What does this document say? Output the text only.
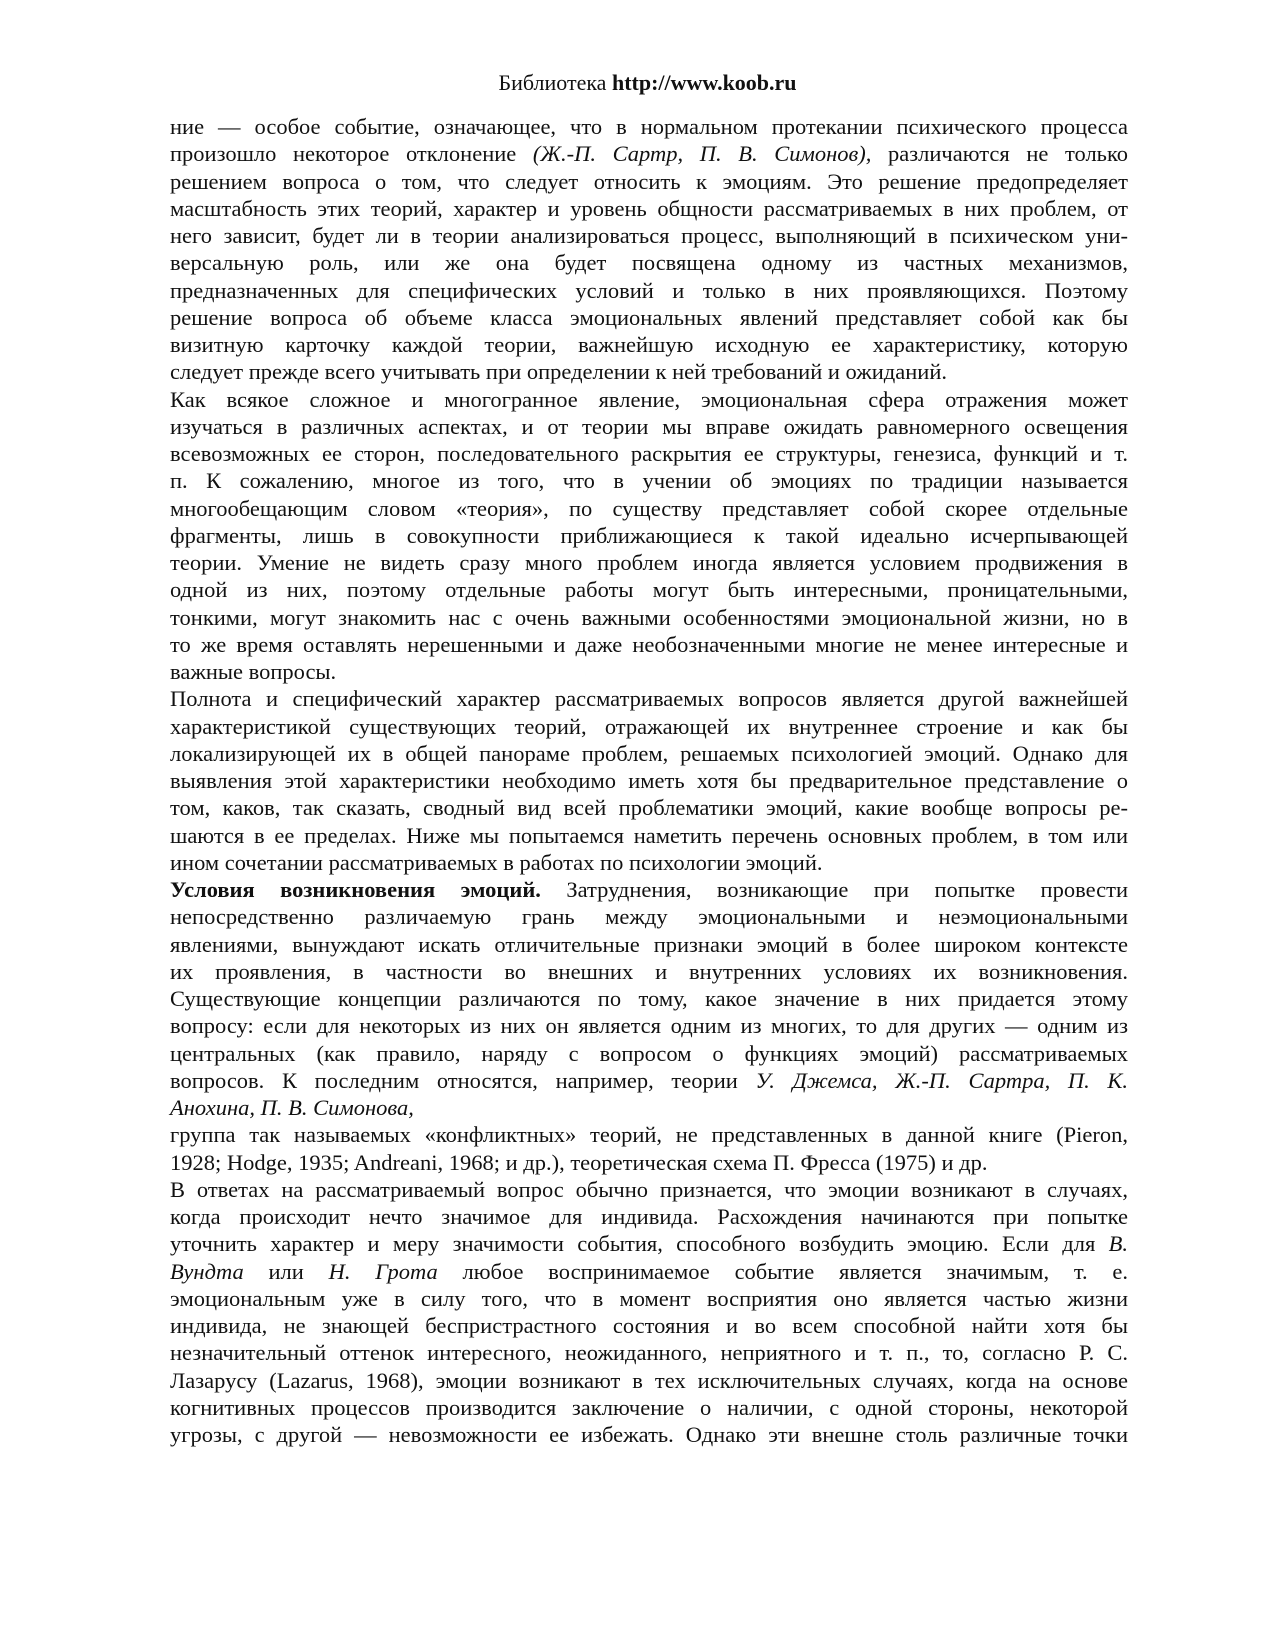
Библиотека http://www.koob.ru
ние — особое событие, означающее, что в нормальном протекании психического процесса
произошло некоторое отклонение (Ж.-П. Сартр, П. В. Симонов), различаются не только
решением вопроса о том, что следует относить к эмоциям. Это решение предопределяет
масштабность этих теорий, характер и уровень общности рассматриваемых в них проблем, от
него зависит, будет ли в теории анализироваться процесс, выполняющий в психическом уни-
версальную роль, или же она будет посвящена одному из частных механизмов,
предназначенных для специфических условий и только в них проявляющихся. Поэтому
решение вопроса об объеме класса эмоциональных явлений представляет собой как бы
визитную карточку каждой теории, важнейшую исходную ее характеристику, которую
следует прежде всего учитывать при определении к ней требований и ожиданий.
Как всякое сложное и многогранное явление, эмоциональная сфера отражения может
изучаться в различных аспектах, и от теории мы вправе ожидать равномерного освещения
всевозможных ее сторон, последовательного раскрытия ее структуры, генезиса, функций и т.
п. К сожалению, многое из того, что в учении об эмоциях по традиции называется
многообещающим словом «теория», по существу представляет собой скорее отдельные
фрагменты, лишь в совокупности приближающиеся к такой идеально исчерпывающей
теории. Умение не видеть сразу много проблем иногда является условием продвижения в
одной из них, поэтому отдельные работы могут быть интересными, проницательными,
тонкими, могут знакомить нас с очень важными особенностями эмоциональной жизни, но в
то же время оставлять нерешенными и даже необозначенными многие не менее интересные и
важные вопросы.
Полнота и специфический характер рассматриваемых вопросов является другой важнейшей
характеристикой существующих теорий, отражающей их внутреннее строение и как бы
локализирующей их в общей панораме проблем, решаемых психологией эмоций. Однако для
выявления этой характеристики необходимо иметь хотя бы предварительное представление о
том, каков, так сказать, сводный вид всей проблематики эмоций, какие вообще вопросы ре-
шаются в ее пределах. Ниже мы попытаемся наметить перечень основных проблем, в том или
ином сочетании рассматриваемых в работах по психологии эмоций.
Условия возникновения эмоций. Затруднения, возникающие при попытке провести
непосредственно различаемую грань между эмоциональными и неэмоциональными
явлениями, вынуждают искать отличительные признаки эмоций в более широком контексте
их проявления, в частности во внешних и внутренних условиях их возникновения.
Существующие концепции различаются по тому, какое значение в них придается этому
вопросу: если для некоторых из них он является одним из многих, то для других — одним из
центральных (как правило, наряду с вопросом о функциях эмоций) рассматриваемых
вопросов. К последним относятся, например, теории У. Джемса, Ж.-П. Сартра, П. К.
Анохина, П. В. Симонова,
группа так называемых «конфликтных» теорий, не представленных в данной книге (Pieron,
1928; Hodge, 1935; Andreani, 1968; и др.), теоретическая схема П. Фресса (1975) и др.
В ответах на рассматриваемый вопрос обычно признается, что эмоции возникают в случаях,
когда происходит нечто значимое для индивида. Расхождения начинаются при попытке
уточнить характер и меру значимости события, способного возбудить эмоцию. Если для В.
Вундта или Н. Грота любое воспринимаемое событие является значимым, т. е.
эмоциональным уже в силу того, что в момент восприятия оно является частью жизни
индивида, не знающей беспристрастного состояния и во всем способной найти хотя бы
незначительный оттенок интересного, неожиданного, неприятного и т. п., то, согласно Р. С.
Лазарусу (Lazarus, 1968), эмоции возникают в тех исключительных случаях, когда на основе
когнитивных процессов производится заключение о наличии, с одной стороны, некоторой
угрозы, с другой — невозможности ее избежать. Однако эти внешне столь различные точки
